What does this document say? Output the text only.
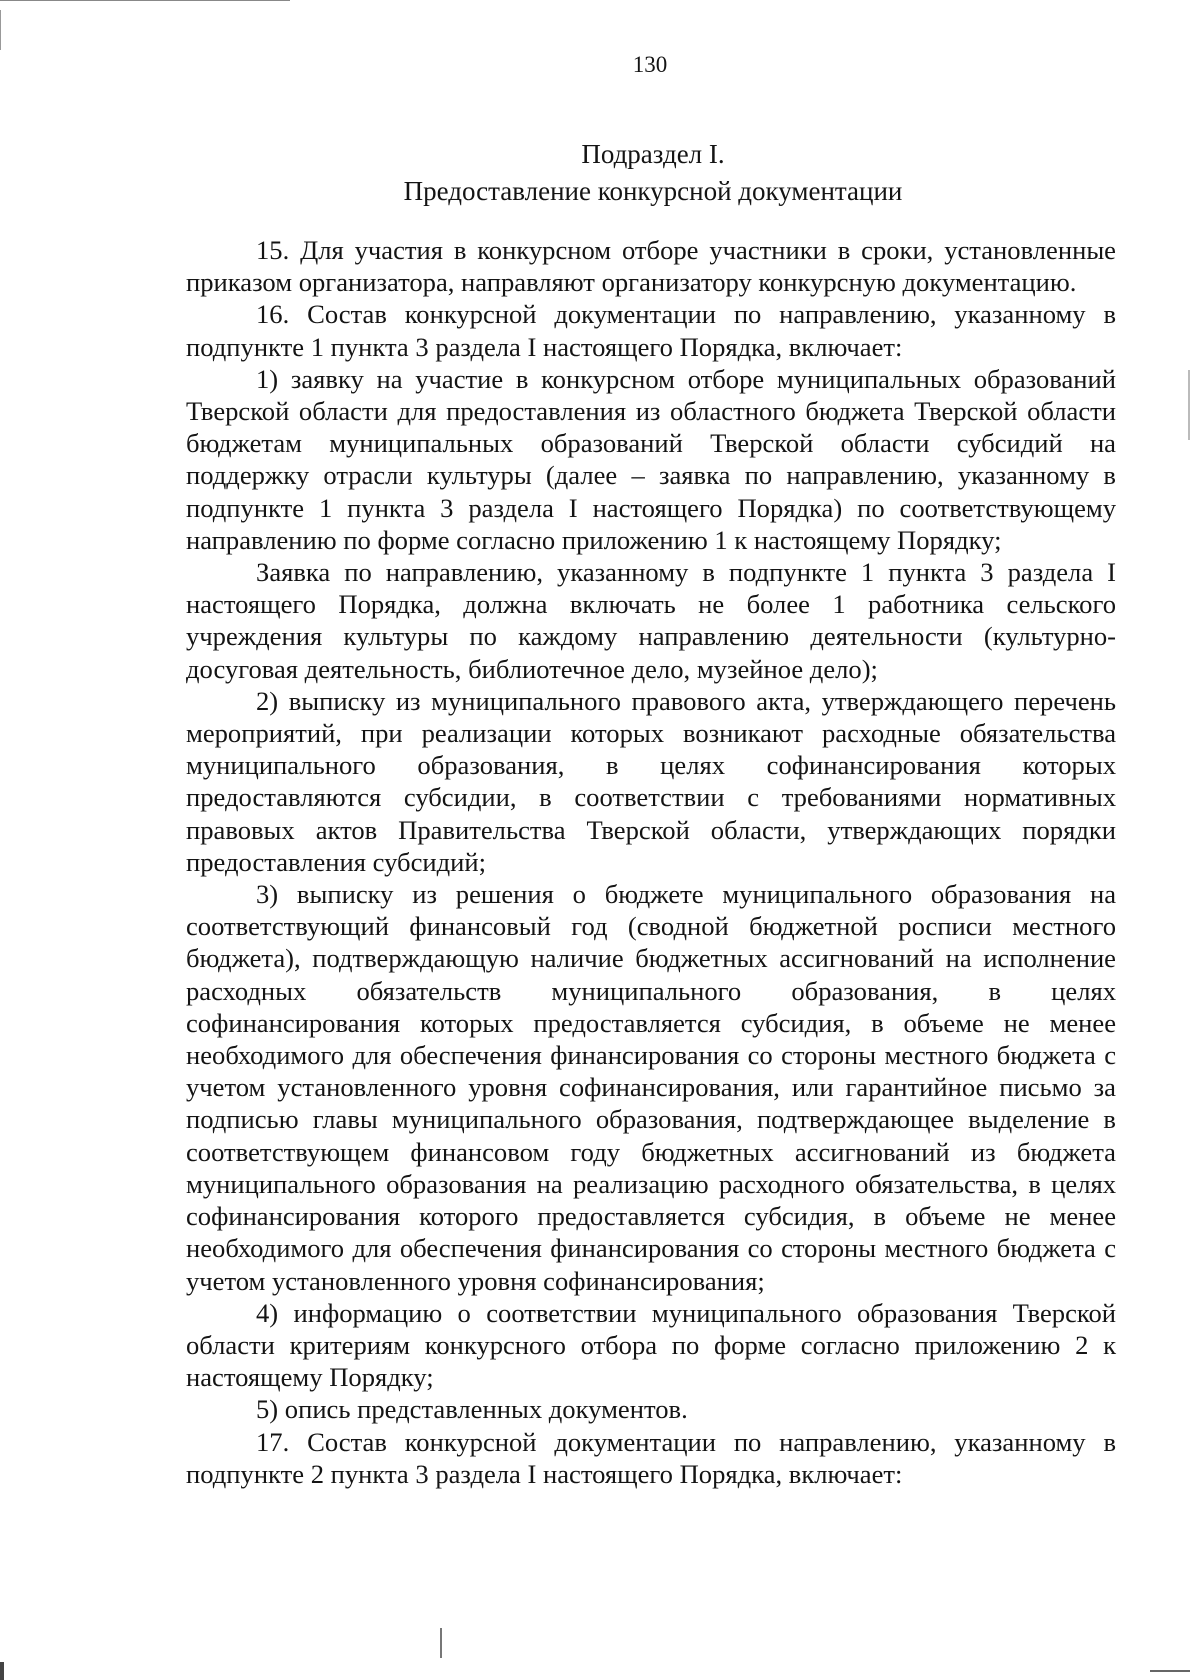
130
Подраздел I.
Предоставление конкурсной документации

15. Для участия в конкурсном отборе участники в сроки, установленные приказом организатора, направляют организатору конкурсную документацию.

16. Состав конкурсной документации по направлению, указанному в подпункте 1 пункта 3 раздела I настоящего Порядка, включает:

1) заявку на участие в конкурсном отборе муниципальных образований Тверской области для предоставления из областного бюджета Тверской области бюджетам муниципальных образований Тверской области субсидий на поддержку отрасли культуры (далее – заявка по направлению, указанному в подпункте 1 пункта 3 раздела I настоящего Порядка) по соответствующему направлению по форме согласно приложению 1 к настоящему Порядку;

Заявка по направлению, указанному в подпункте 1 пункта 3 раздела I настоящего Порядка, должна включать не более 1 работника сельского учреждения культуры по каждому направлению деятельности (культурно-досуговая деятельность, библиотечное дело, музейное дело);

2) выписку из муниципального правового акта, утверждающего перечень мероприятий, при реализации которых возникают расходные обязательства муниципального образования, в целях софинансирования которых предоставляются субсидии, в соответствии с требованиями нормативных правовых актов Правительства Тверской области, утверждающих порядки предоставления субсидий;

3) выписку из решения о бюджете муниципального образования на соответствующий финансовый год (сводной бюджетной росписи местного бюджета), подтверждающую наличие бюджетных ассигнований на исполнение расходных обязательств муниципального образования, в целях софинансирования которых предоставляется субсидия, в объеме не менее необходимого для обеспечения финансирования со стороны местного бюджета с учетом установленного уровня софинансирования, или гарантийное письмо за подписью главы муниципального образования, подтверждающее выделение в соответствующем финансовом году бюджетных ассигнований из бюджета муниципального образования на реализацию расходного обязательства, в целях софинансирования которого предоставляется субсидия, в объеме не менее необходимого для обеспечения финансирования со стороны местного бюджета с учетом установленного уровня софинансирования;

4) информацию о соответствии муниципального образования Тверской области критериям конкурсного отбора по форме согласно приложению 2 к настоящему Порядку;

5) опись представленных документов.

17. Состав конкурсной документации по направлению, указанному в подпункте 2 пункта 3 раздела I настоящего Порядка, включает:
